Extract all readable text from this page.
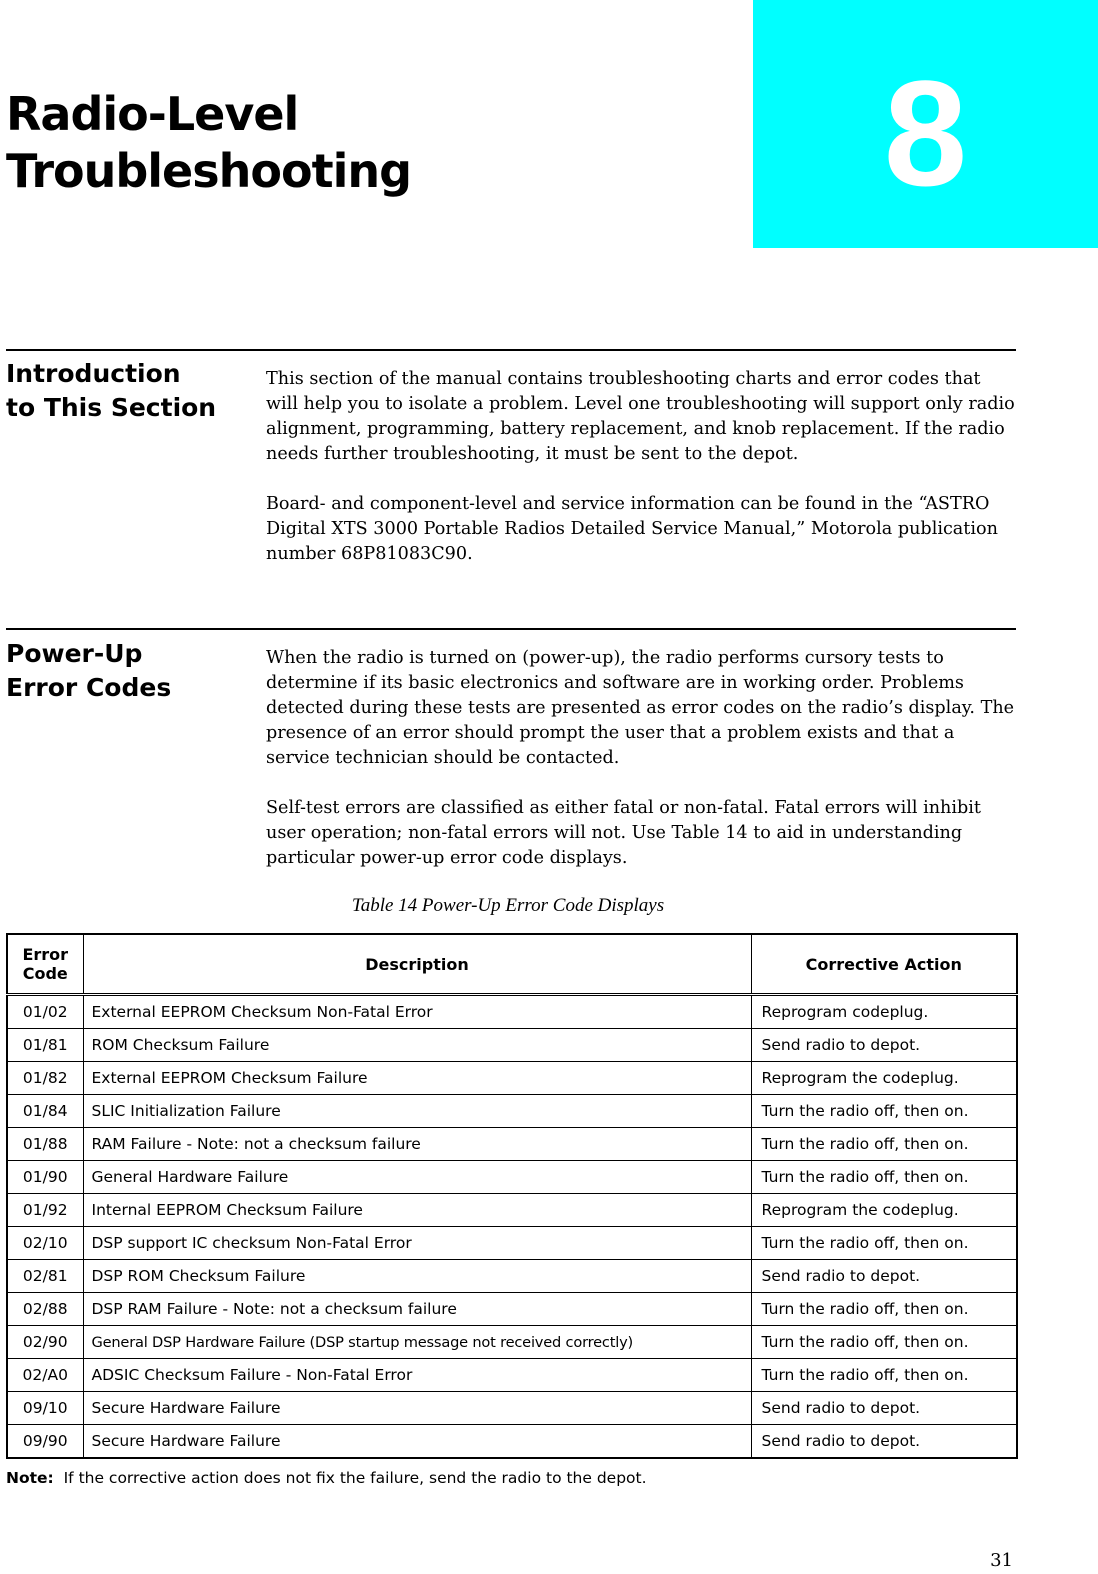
8
Radio-Level
Troubleshooting
Introduction
to This Section

This section of the manual contains troubleshooting charts and error codes that will help you to isolate a problem. Level one troubleshooting will support only radio alignment, programming, battery replacement, and knob replacement. If the radio needs further troubleshooting, it must be sent to the depot.

Board- and component-level and service information can be found in the “ASTRO Digital XTS 3000 Portable Radios Detailed Service Manual,” Motorola publication number 68P81083C90.

Power-Up
Error Codes

When the radio is turned on (power-up), the radio performs cursory tests to determine if its basic electronics and software are in working order. Problems detected during these tests are presented as error codes on the radio’s display. The presence of an error should prompt the user that a problem exists and that a service technician should be contacted.

Self-test errors are classified as either fatal or non-fatal. Fatal errors will inhibit user operation; non-fatal errors will not. Use Table 14 to aid in understanding particular power-up error code displays.

Table 14 Power-Up Error Code Displays
Error
Code	Description	Corrective Action
01/02	External EEPROM Checksum Non-Fatal Error	Reprogram codeplug.
01/81	ROM Checksum Failure	Send radio to depot.
01/82	External EEPROM Checksum Failure	Reprogram the codeplug.
01/84	SLIC Initialization Failure	Turn the radio off, then on.
01/88	RAM Failure - Note: not a checksum failure	Turn the radio off, then on.
01/90	General Hardware Failure	Turn the radio off, then on.
01/92	Internal EEPROM Checksum Failure	Reprogram the codeplug.
02/10	DSP support IC checksum Non-Fatal Error	Turn the radio off, then on.
02/81	DSP ROM Checksum Failure	Send radio to depot.
02/88	DSP RAM Failure - Note: not a checksum failure	Turn the radio off, then on.
02/90	General DSP Hardware Failure (DSP startup message not received correctly)	Turn the radio off, then on.
02/A0	ADSIC Checksum Failure - Non-Fatal Error	Turn the radio off, then on.
09/10	Secure Hardware Failure	Send radio to depot.
09/90	Secure Hardware Failure	Send radio to depot.
Note: If the corrective action does not fix the failure, send the radio to the depot.
31
